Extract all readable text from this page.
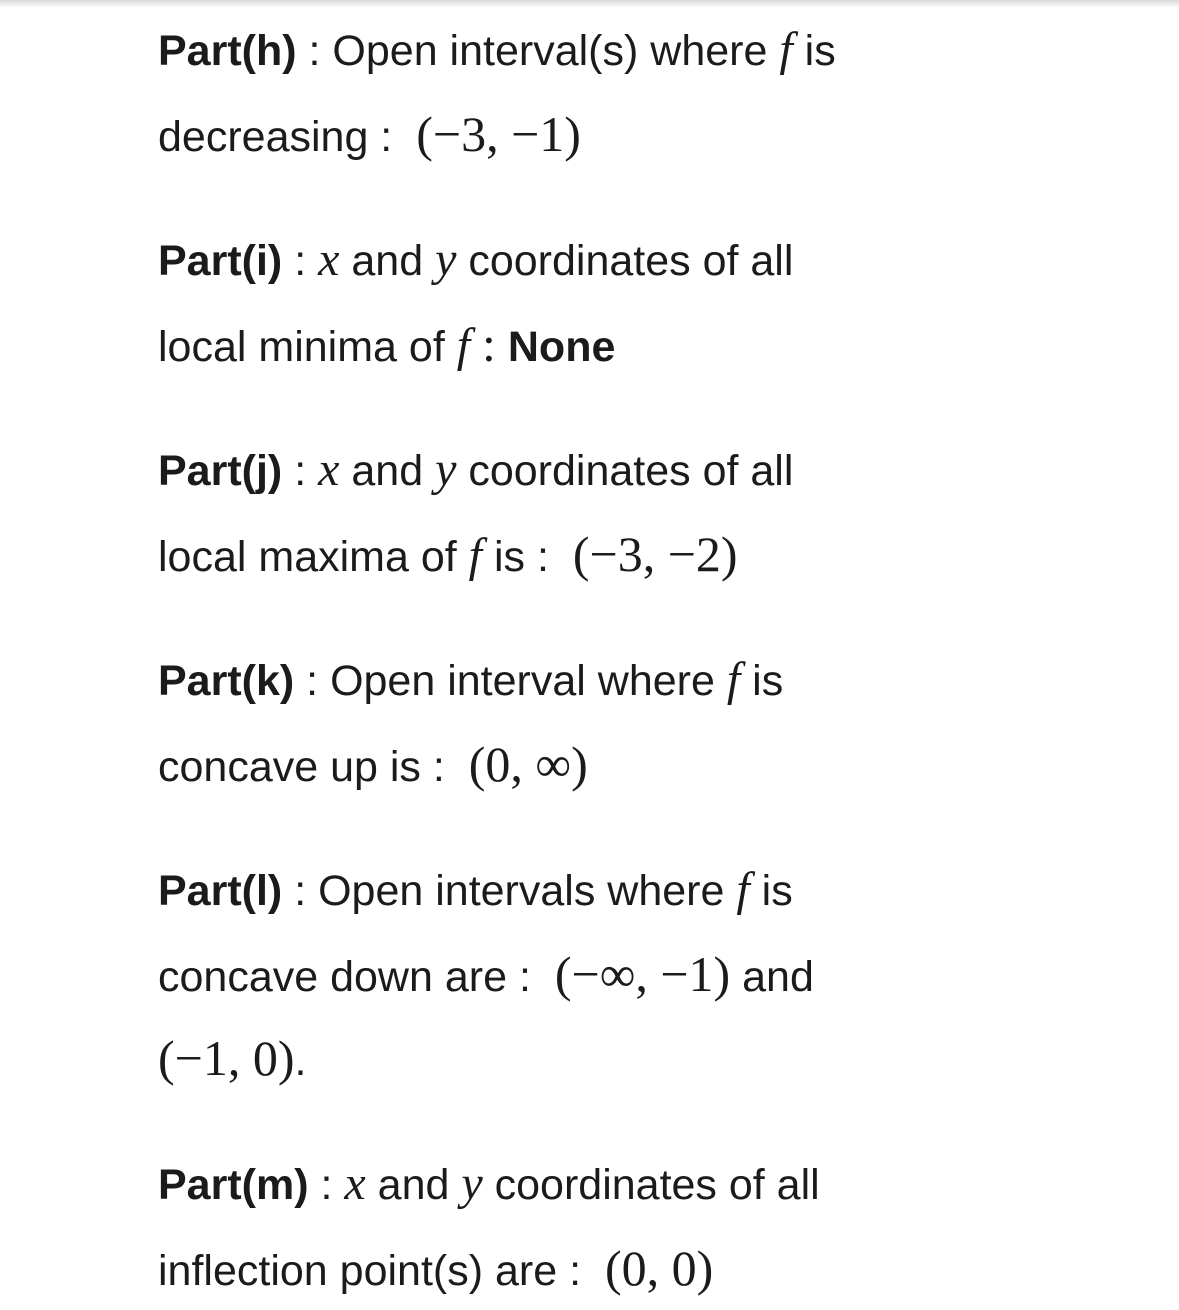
Part(h) : Open interval(s) where f is
decreasing : (−3, −1)
Part(i) : x and y coordinates of all
local minima of f : None
Part(j) : x and y coordinates of all
local maxima of f is : (−3, −2)
Part(k) : Open interval where f is
concave up is : (0, ∞)
Part(l) : Open intervals where f is
concave down are : (−∞, −1) and
(−1, 0).
Part(m) : x and y coordinates of all
inflection point(s) are : (0, 0)
